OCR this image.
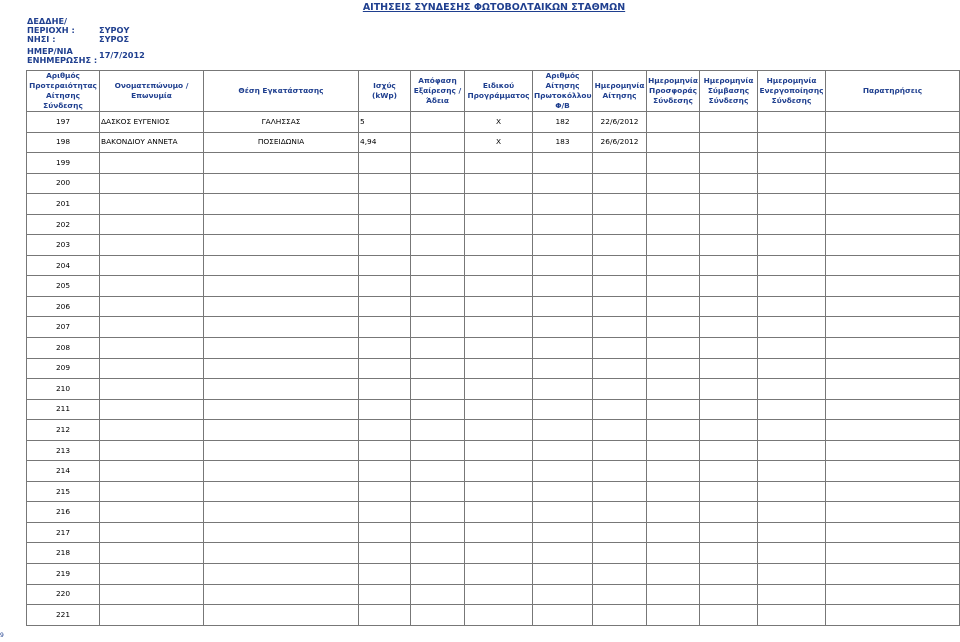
ΑΙΤΗΣΕΙΣ ΣΥΝΔΕΣΗΣ ΦΩΤΟΒΟΛΤΑΙΚΩΝ ΣΤΑΘΜΩΝ
ΔΕΔΔΗΕ/
ΠΕΡΙΟΧΗ :	ΣΥΡΟΥ
ΝΗΣΙ :	ΣΥΡΟΣ
ΗΜΕΡ/ΝΙΑ
ΕΝΗΜΕΡΩΣΗΣ : 17/7/2012
Αριθμός Προτεραιότητας Αίτησης Σύνδεσης	Ονοματεπώνυμο / Επωνυμία	Θέση Εγκατάστασης	Ισχύς (kWp)	Απόφαση Εξαίρεσης / Άδεια	Ειδικού Προγράμματος	Αριθμός Αίτησης Πρωτοκόλλου Φ/Β	Ημερομηνία Αίτησης	Ημερομηνία Προσφοράς Σύνδεσης	Ημερομηνία Σύμβασης Σύνδεσης	Ημερομηνία Ενεργοποίησης Σύνδεσης	Παρατηρήσεις
197	ΔΑΣΚΟΣ ΕΥΓΕΝΙΟΣ	ΓΑΛΗΣΣΑΣ	5		X	182	22/6/2012				
198	ΒΑΚΟΝΔΙΟΥ ΑΝΝΕΤΑ	ΠΟΣΕΙΔΩΝΙΑ	4,94		X	183	26/6/2012				
199											
200											
201											
202											
203											
204											
205											
206											
207											
208											
209											
210											
211											
212											
213											
214											
215											
216											
217											
218											
219											
220											
221											
9
